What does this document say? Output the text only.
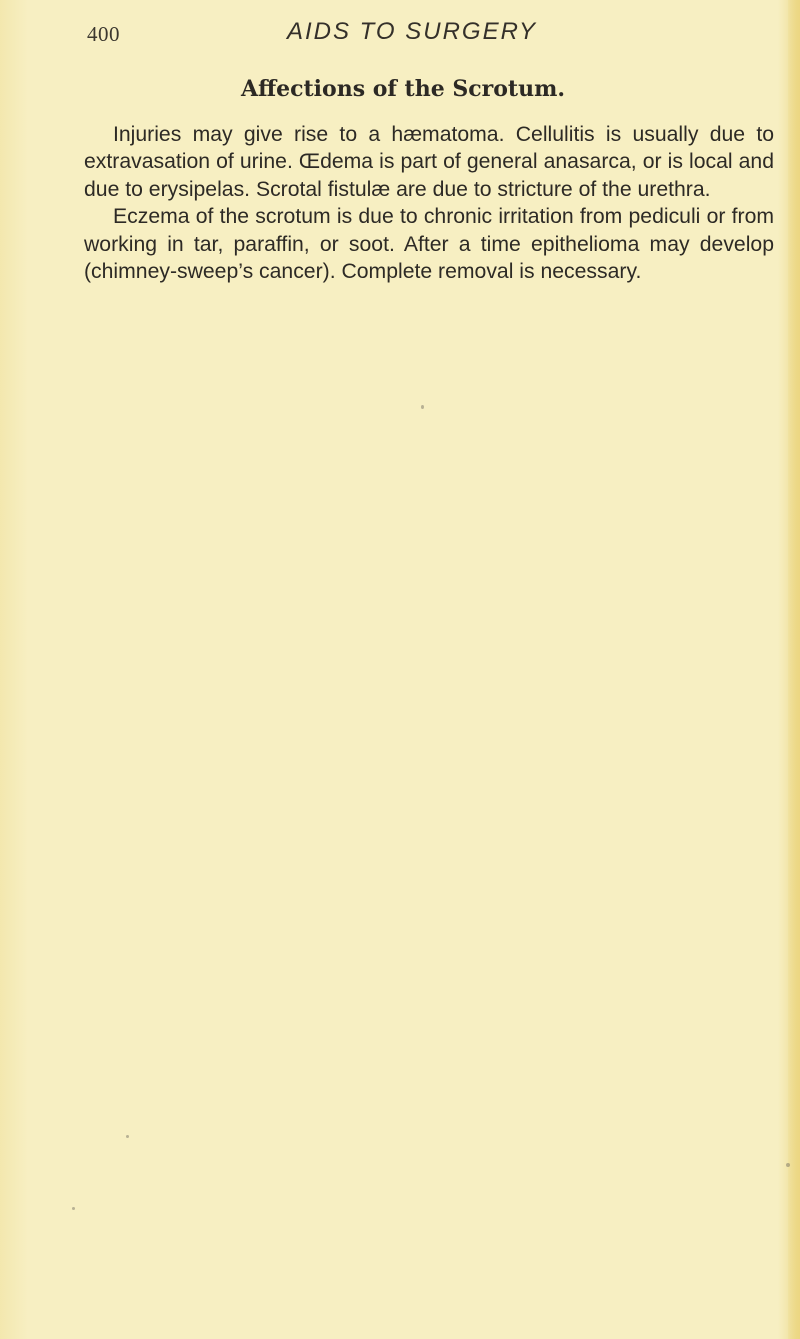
400	AIDS TO SURGERY
Affections of the Scrotum.

Injuries may give rise to a hæmatoma. Cellulitis is usually due to extravasation of urine. Œdema is part of general anasarca, or is local and due to erysipelas. Scrotal fistulæ are due to stricture of the urethra.

Eczema of the scrotum is due to chronic irritation from pediculi or from working in tar, paraffin, or soot. After a time epithelioma may develop (chimney-sweep’s cancer). Complete removal is necessary.
